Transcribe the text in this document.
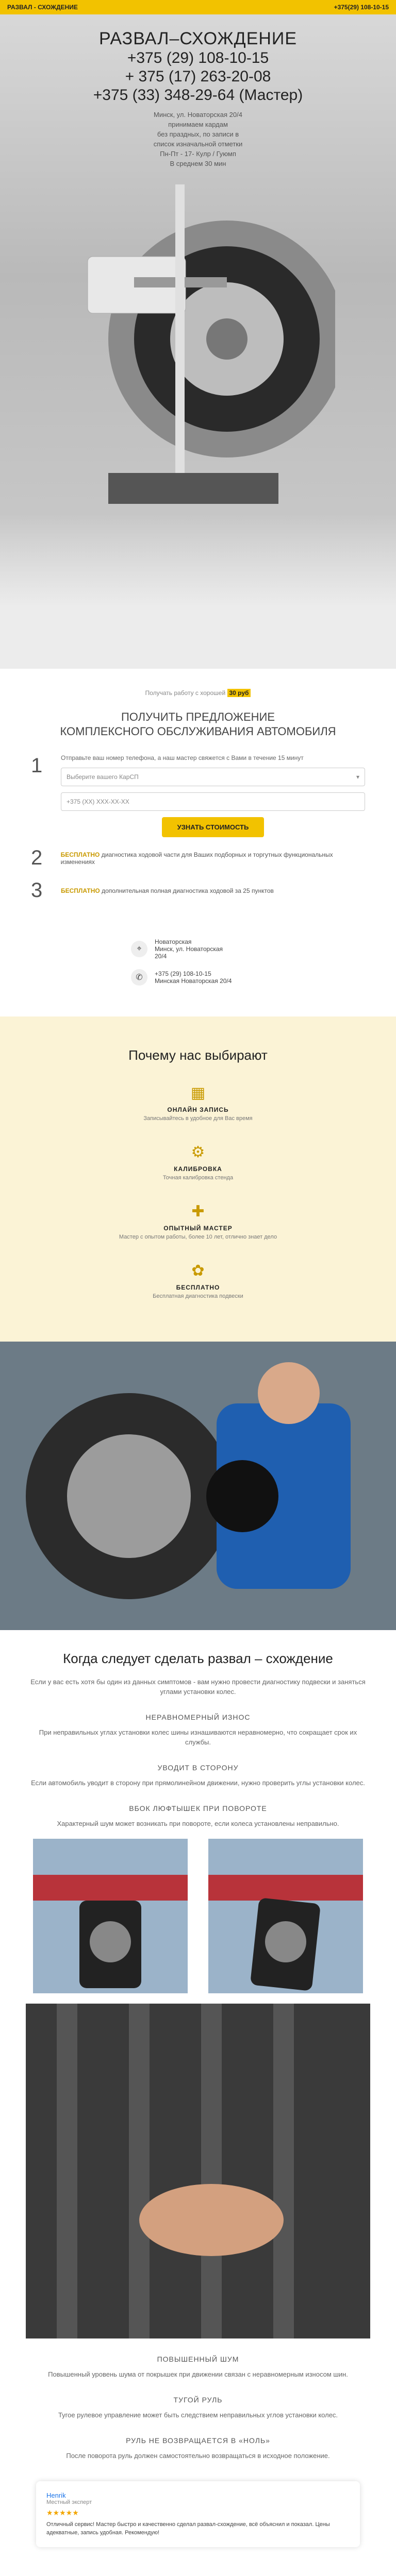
РАЗВАЛ - СХОЖДЕНИЕ	+375(29) 108-10-15
РАЗВАЛ–СХОЖДЕНИЕ
+375 (29) 108-10-15
+ 375 (17) 263-20-08
+375 (33) 348-29-64 (Мастер)
Минск, ул. Новаторская 20/4
принимаем кардам
без праздных, по записи в
список изначальной отметки
Пн-Пт - 17- Кулр / Гуюмп
В среднем 30 мин
Получать работу с хорошей 30 руб
ПОЛУЧИТЬ ПРЕДЛОЖЕНИЕ
КОМПЛЕКСНОГО ОБСЛУЖИВАНИЯ АВТОМОБИЛЯ
1	Отправьте ваш номер телефона, а наш мастер свяжется с Вами в течение 15 минут

Выберите вашего КарСП	▾
+375 (XX) XXX-XX-XX
УЗНАТЬ СТОИМОСТЬ
2	БЕСПЛАТНО диагностика ходовой части для Ваших подборных и торгутных функциональных изменениях
3	БЕСПЛАТНО дополнительная полная диагностика ходовой за 25 пунктов
⌖
Новаторская
Минск, ул. Новаторская
20/4
✆	+375 (29) 108-10-15
Минская Новаторская 20/4
Почему нас выбирают
▦
ОНЛАЙН ЗАПИСЬ

Записывайтесь в удобное для Вас время

⚙
КАЛИБРОВКА

Точная калибровка стенда

✚
ОПЫТНЫЙ МАСТЕР

Мастер с опытом работы, более 10 лет, отлично знает дело

✿
БЕСПЛАТНО

Бесплатная диагностика подвески

Когда следует сделать развал – схождение

Если у вас есть хотя бы один из данных симптомов - вам нужно провести диагностику подвески и заняться углами установки колес.

НЕРАВНОМЕРНЫЙ ИЗНОС

При неправильных углах установки колес шины изнашиваются неравномерно, что сокращает срок их службы.

УВОДИТ В СТОРОНУ

Если автомобиль уводит в сторону при прямолинейном движении, нужно проверить углы установки колес.

ВБОК ЛЮФТЫШЕК ПРИ ПОВОРОТЕ

Характерный шум может возникать при повороте, если колеса установлены неправильно.

ПОВЫШЕННЫЙ ШУМ

Повышенный уровень шума от покрышек при движении связан с неравномерным износом шин.

ТУГОЙ РУЛЬ

Тугое рулевое управление может быть следствием неправильных углов установки колес.

РУЛЬ НЕ ВОЗВРАЩАЕТСЯ В «НОЛЬ»

После поворота руль должен самостоятельно возвращаться в исходное положение.

Henrik
Местный эксперт
★★★★★

Отличный сервис! Мастер быстро и качественно сделал развал-схождение, всё объяснил и показал. Цены адекватные, запись удобная. Рекомендую!
